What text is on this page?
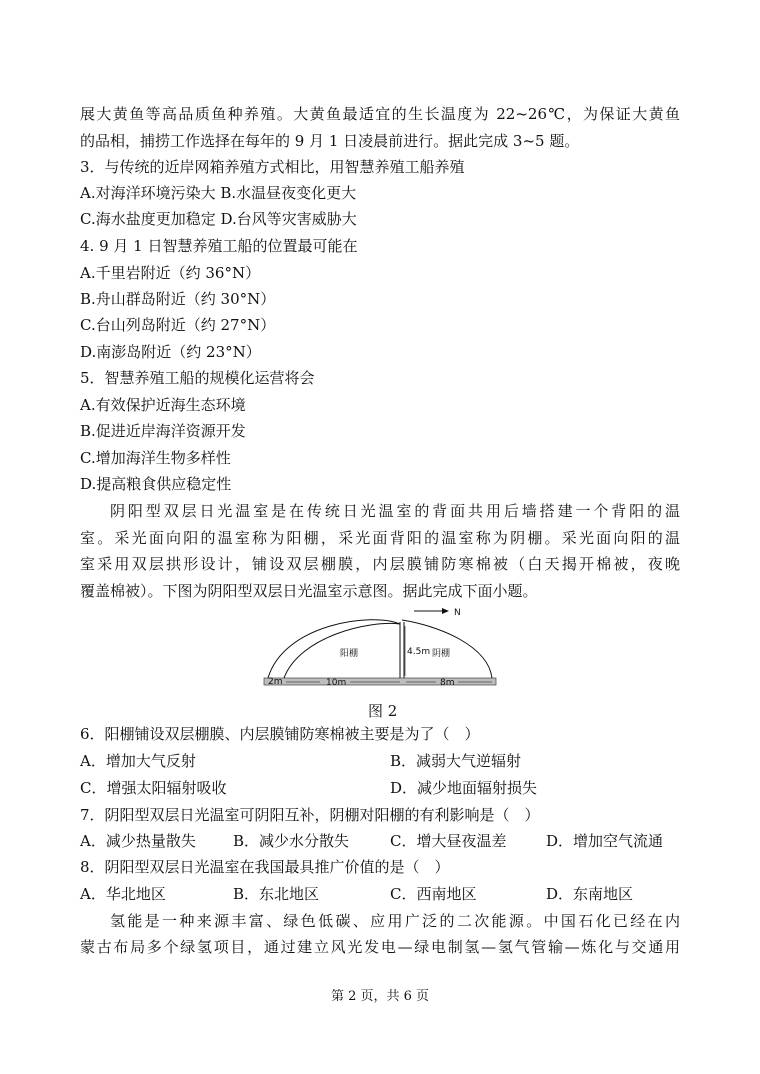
展大黄鱼等高品质鱼种养殖。大黄鱼最适宜的生长温度为 22~26℃，为保证大黄鱼
的品相，捕捞工作选择在每年的 9 月 1 日凌晨前进行。据此完成 3~5 题。
3．与传统的近岸网箱养殖方式相比，用智慧养殖工船养殖
A.对海洋环境污染大 B.水温昼夜变化更大
C.海水盐度更加稳定 D.台风等灾害威胁大
4. 9 月 1 日智慧养殖工船的位置最可能在
A.千里岩附近（约 36°N）
B.舟山群岛附近（约 30°N）
C.台山列岛附近（约 27°N）
D.南澎岛附近（约 23°N）
5．智慧养殖工船的规模化运营将会
A.有效保护近海生态环境
B.促进近岸海洋资源开发
C.增加海洋生物多样性
D.提高粮食供应稳定性
阴阳型双层日光温室是在传统日光温室的背面共用后墙搭建一个背阳的温
室。采光面向阳的温室称为阳棚，采光面背阳的温室称为阴棚。采光面向阳的温
室采用双层拱形设计，铺设双层棚膜，内层膜铺防寒棉被（白天揭开棉被，夜晚
覆盖棉被）。下图为阴阳型双层日光温室示意图。据此完成下面小题。
N
阳棚	阴棚
4.5m
2m	10m	8m
图 2
6．阳棚铺设双层棚膜、内层膜铺防寒棉被主要是为了（　）
A．增加大气反射	B．减弱大气逆辐射
C．增强太阳辐射吸收	D．减少地面辐射损失
7．阴阳型双层日光温室可阴阳互补，阴棚对阳棚的有利影响是（　）
A．减少热量散失 B．减少水分散失	C．增大昼夜温差	D．增加空气流通
8．阴阳型双层日光温室在我国最具推广价值的是（　）
A．华北地区	B．东北地区	C．西南地区	D．东南地区
氢能是一种来源丰富、绿色低碳、应用广泛的二次能源。中国石化已经在内
蒙古布局多个绿氢项目，通过建立风光发电—绿电制氢—氢气管输—炼化与交通用
第 2 页，共 6 页
